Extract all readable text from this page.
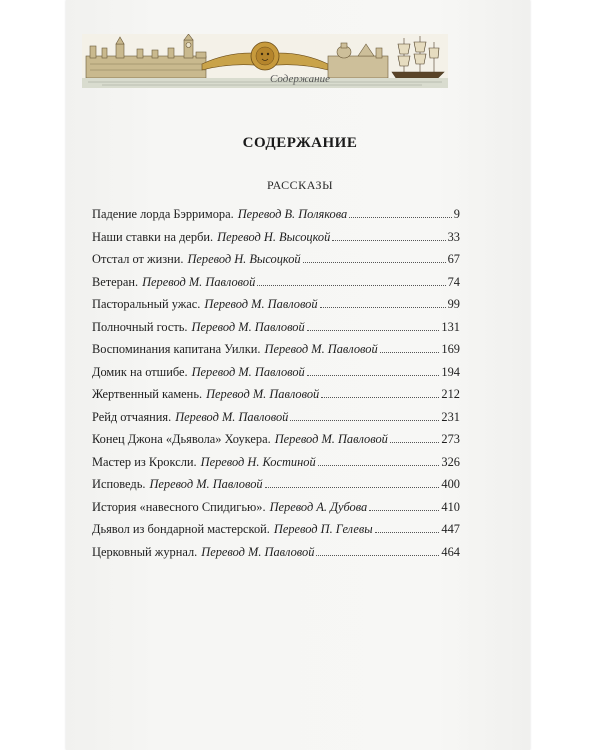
Содержание
СОДЕРЖАНИЕ
РАССКАЗЫ
Падение лорда Бэрримора. Перевод В. Полякова	9
Наши ставки на дерби. Перевод Н. Высоцкой	33
Отстал от жизни. Перевод Н. Высоцкой	67
Ветеран. Перевод М. Павловой	74
Пасторальный ужас. Перевод М. Павловой	99
Полночный гость. Перевод М. Павловой	131
Воспоминания капитана Уилки. Перевод М. Павловой	169
Домик на отшибе. Перевод М. Павловой	194
Жертвенный камень. Перевод М. Павловой	212
Рейд отчаяния. Перевод М. Павловой	231
Конец Джона «Дьявола» Хоукера. Перевод М. Павловой	273
Мастер из Кроксли. Перевод Н. Костиной	326
Исповедь. Перевод М. Павловой	400
История «навесного Спидигью». Перевод А. Дубова	410
Дьявол из бондарной мастерской. Перевод П. Гелевы	447
Церковный журнал. Перевод М. Павловой	464
